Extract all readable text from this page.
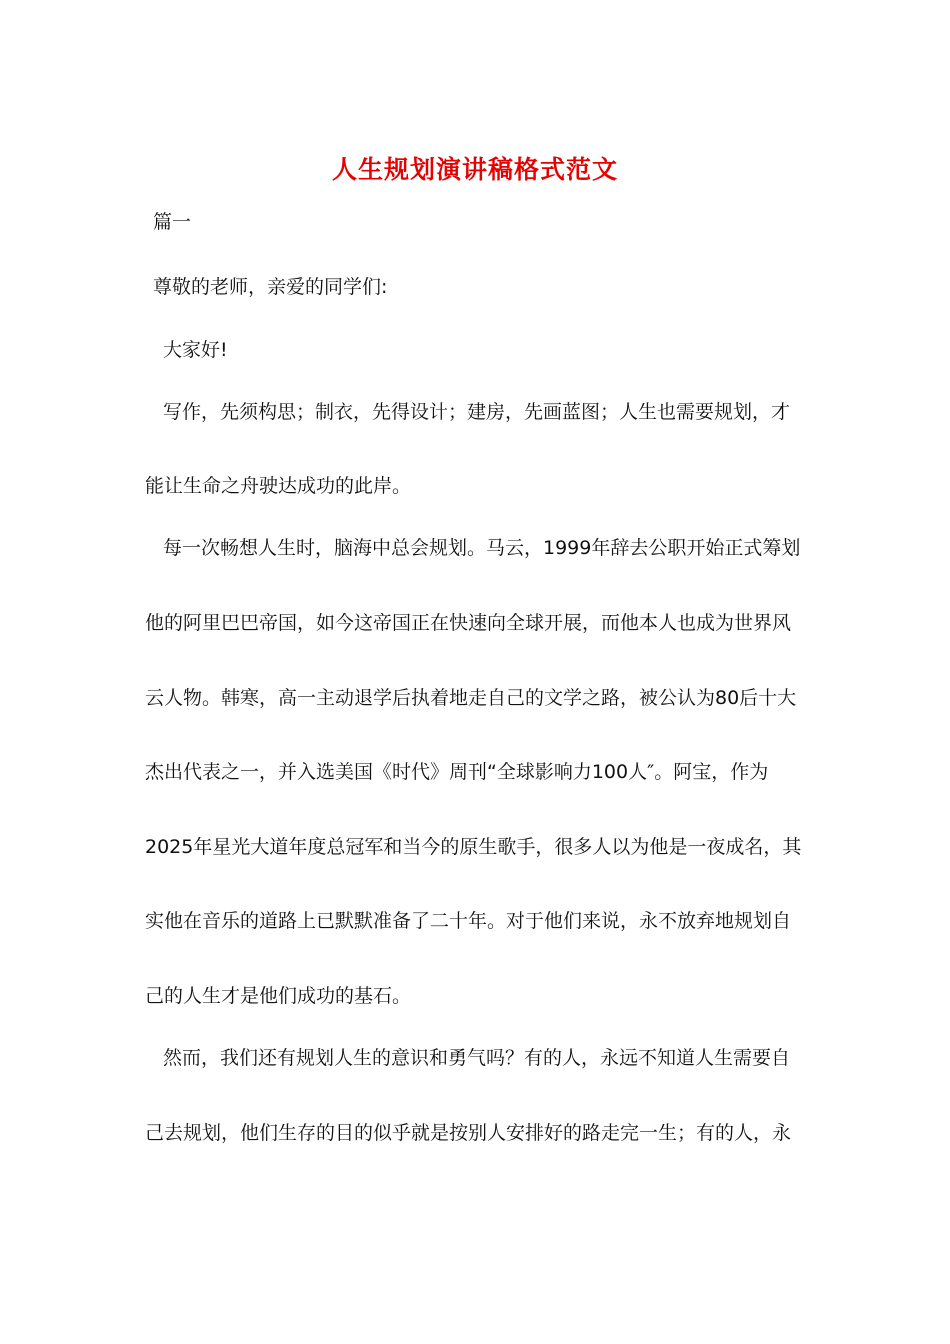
人生规划演讲稿格式范文

篇一

尊敬的老师，亲爱的同学们:

大家好!

写作，先须构思；制衣，先得设计；建房，先画蓝图；人生也需要规划，才

能让生命之舟驶达成功的此岸。

每一次畅想人生时，脑海中总会规划。马云，1999年辞去公职开始正式筹划

他的阿里巴巴帝国，如今这帝国正在快速向全球开展，而他本人也成为世界风

云人物。韩寒，高一主动退学后执着地走自己的文学之路，被公认为80后十大

杰出代表之一，并入选美国《时代》周刊“全球影响力100人″。阿宝，作为

2025年星光大道年度总冠军和当今的原生歌手，很多人以为他是一夜成名，其

实他在音乐的道路上已默默准备了二十年。对于他们来说，永不放弃地规划自

己的人生才是他们成功的基石。

然而，我们还有规划人生的意识和勇气吗？有的人，永远不知道人生需要自

己去规划，他们生存的目的似乎就是按别人安排好的路走完一生；有的人，永
